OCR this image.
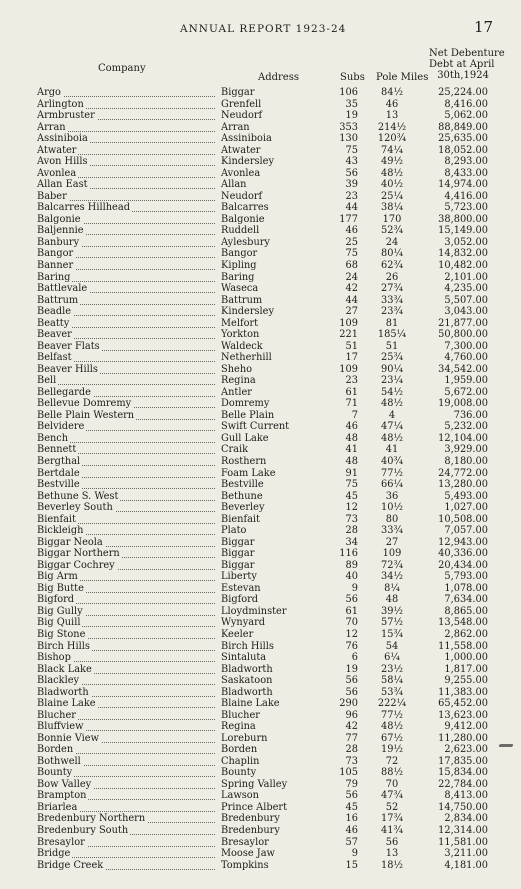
ANNUAL REPORT 1923-24	17
Company
Address	Subs Pole Miles
Net Debenture
Debt at April
30th,1924
Argo	Biggar	106	84½	25,224.00
Arlington	Grenfell	35	46	8,416.00
Armbruster	Neudorf	19	13	5,062.00
Arran	Arran	353	214½	88,849.00
Assiniboia	Assiniboia	130	120¾	25,635.00
Atwater	Atwater	75	74¼	18,052.00
Avon Hills	Kindersley	43	49½	8,293.00
Avonlea	Avonlea	56	48½	8,433.00
Allan East	Allan	39	40½	14,974.00
Baber	Neudorf	23	25¼	4,416.00
Balcarres Hillhead	Balcarres	44	38¼	5,723.00
Balgonie	Balgonie	177	170	38,800.00
Baljennie	Ruddell	46	52¾	15,149.00
Banbury	Aylesbury	25	24	3,052.00
Bangor	Bangor	75	80¼	14,832.00
Banner	Kipling	68	62¾	10,482.00
Baring	Baring	24	26	2,101.00
Battlevale	Waseca	42	27¾	4,235.00
Battrum	Battrum	44	33¾	5,507.00
Beadle	Kindersley	27	23¾	3,043.00
Beatty	Melfort	109	81	21,877.00
Beaver	Yorkton	221	185¼	50,800.00
Beaver Flats	Waldeck	51	51	7,300.00
Belfast	Netherhill	17	25¾	4,760.00
Beaver Hills	Sheho	109	90¼	34,542.00
Bell	Regina	23	23¼	1,959.00
Bellegarde	Antler	61	54½	5,672.00
Bellevue Domremy	Domremy	71	48½	19,008.00
Belle Plain Western	Belle Plain	7	4	736.00
Belvidere	Swift Current	46	47¼	5,232.00
Bench	Gull Lake	48	48½	12,104.00
Bennett	Craik	41	41	3,929.00
Bergthal	Rosthern	48	40¾	8,180.00
Bertdale	Foam Lake	91	77½	24,772.00
Bestville	Bestville	75	66¼	13,280.00
Bethune S. West	Bethune	45	36	5,493.00
Beverley South	Beverley	12	10½	1,027.00
Bienfait	Bienfait	73	80	10,508.00
Bickleigh	Plato	28	33¾	7,057.00
Biggar Neola	Biggar	34	27	12,943.00
Biggar Northern	Biggar	116	109	40,336.00
Biggar Cochrey	Biggar	89	72¾	20,434.00
Big Arm	Liberty	40	34½	5,793.00
Big Butte	Estevan	9	8¼	1,078.00
Bigford	Bigford	56	48	7,634.00
Big Gully	Lloydminster	61	39½	8,865.00
Big Quill	Wynyard	70	57½	13,548.00
Big Stone	Keeler	12	15¾	2,862.00
Birch Hills	Birch Hills	76	54	11,558.00
Bishop	Sintaluta	6	6¼	1,000.00
Black Lake	Bladworth	19	23½	1,817.00
Blackley	Saskatoon	56	58¼	9,255.00
Bladworth	Bladworth	56	53¾	11,383.00
Blaine Lake	Blaine Lake	290	222¼	65,452.00
Blucher	Blucher	96	77½	13,623.00
Bluffview	Regina	42	48½	9,412.00
Bonnie View	Loreburn	77	67½	11,280.00
Borden	Borden	28	19½	2,623.00
Bothwell	Chaplin	73	72	17,835.00
Bounty	Bounty	105	88½	15,834.00
Bow Valley	Spring Valley	79	70	22,784.00
Brampton	Lawson	56	47¾	8,413.00
Briarlea	Prince Albert	45	52	14,750.00
Bredenbury Northern	Bredenbury	16	17¾	2,834.00
Bredenbury South	Bredenbury	46	41¾	12,314.00
Bresaylor	Bresaylor	57	56	11,581.00
Bridge	Moose Jaw	9	13	3,211.00
Bridge Creek	Tompkins	15	18½	4,181.00
